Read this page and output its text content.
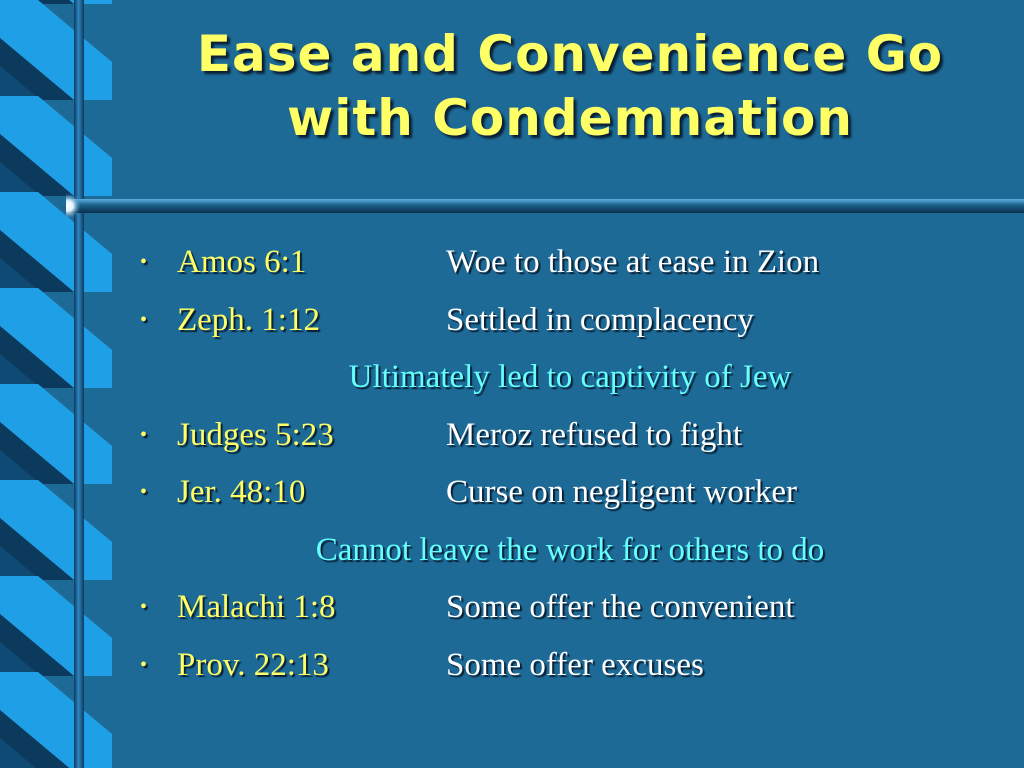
Ease and Convenience Go
with Condemnation
• Amos 6:1	Woe to those at ease in Zion
• Zeph. 1:12	Settled in complacency
Ultimately led to captivity of Jew
• Judges 5:23	Meroz refused to fight
• Jer. 48:10	Curse on negligent worker
Cannot leave the work for others to do
• Malachi 1:8	Some offer the convenient
• Prov. 22:13	Some offer excuses
